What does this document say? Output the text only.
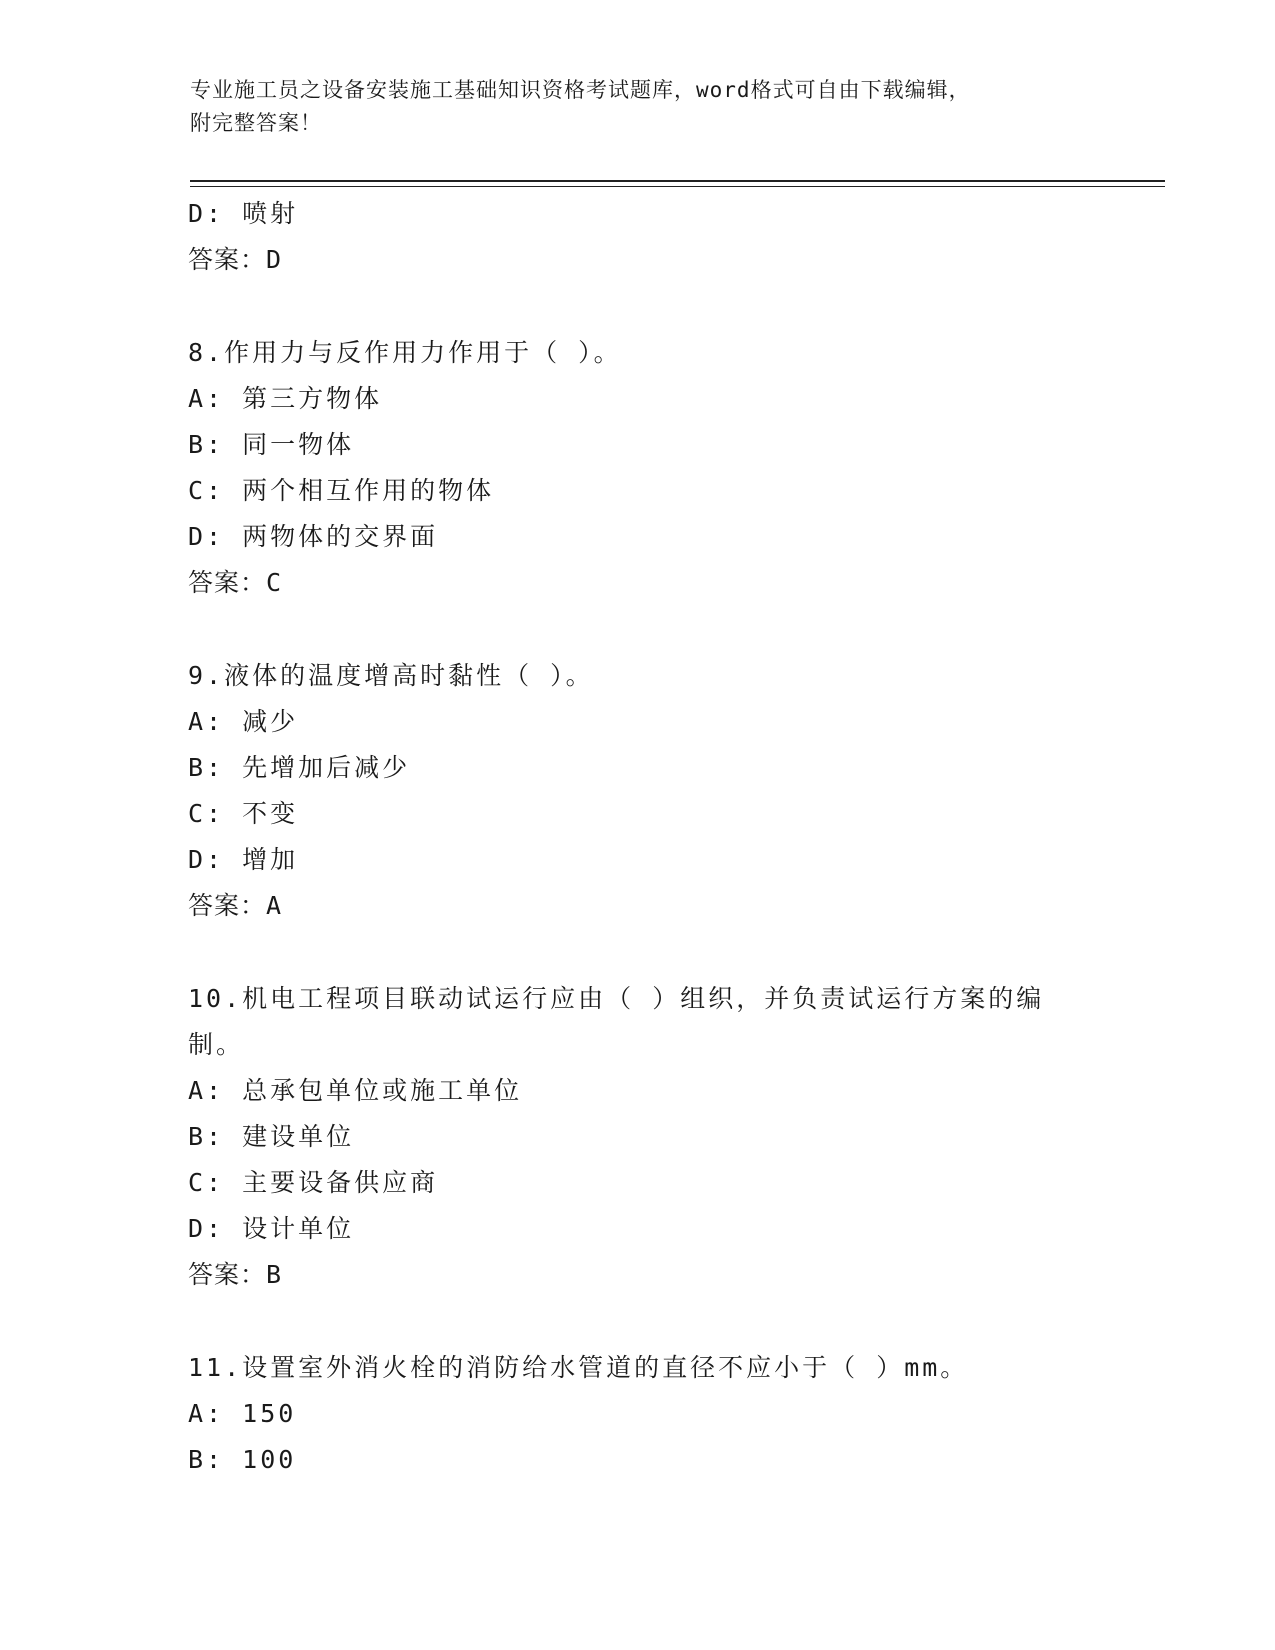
专业施工员之设备安装施工基础知识资格考试题库，word格式可自由下载编辑，
附完整答案！
D: 喷射
答案：D
8.作用力与反作用力作用于（ ）。
A: 第三方物体
B: 同一物体
C: 两个相互作用的物体
D: 两物体的交界面
答案：C
9.液体的温度增高时黏性（ ）。
A: 减少
B: 先增加后减少
C: 不变
D: 增加
答案：A
10.机电工程项目联动试运行应由（ ）组织，并负责试运行方案的编
制。
A: 总承包单位或施工单位
B: 建设单位
C: 主要设备供应商
D: 设计单位
答案：B
11.设置室外消火栓的消防给水管道的直径不应小于（ ）mm。
A: 150
B: 100
